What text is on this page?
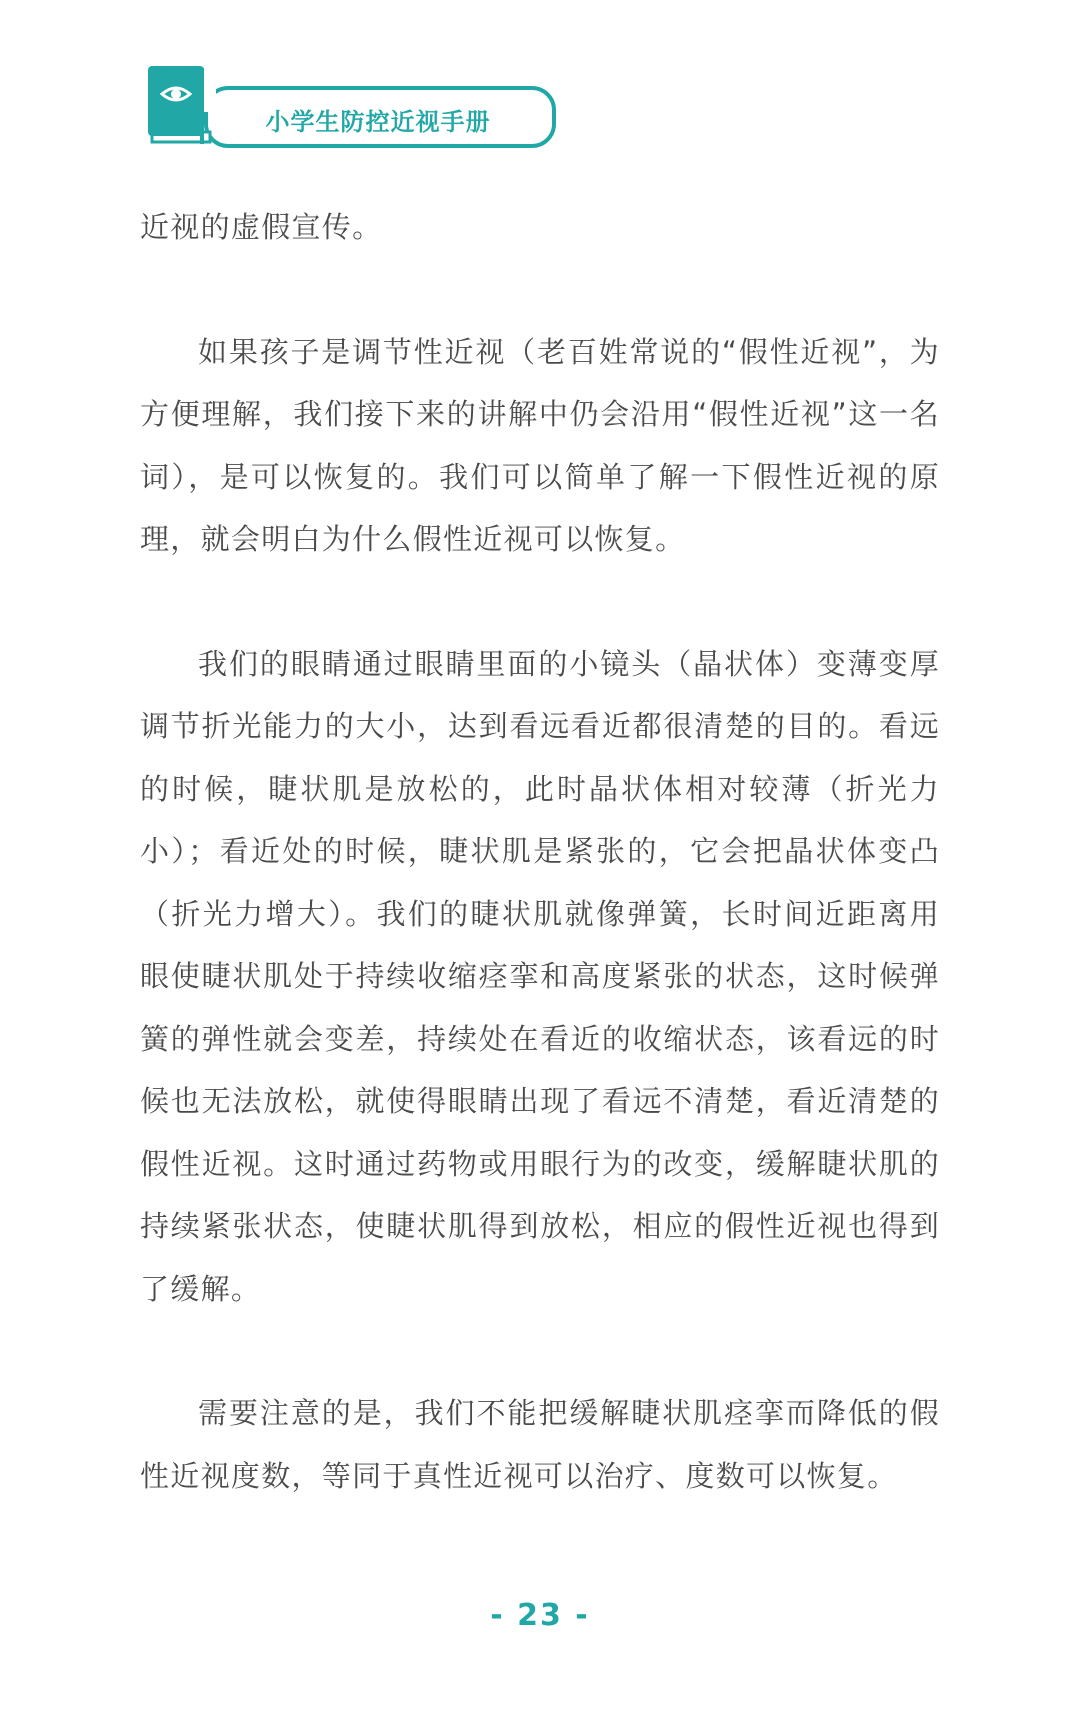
小学生防控近视手册

近视的虚假宣传。

如果孩子是调节性近视（老百姓常说的“假性近视”，为方便理解，我们接下来的讲解中仍会沿用“假性近视”这一名词），是可以恢复的。我们可以简单了解一下假性近视的原理，就会明白为什么假性近视可以恢复。

我们的眼睛通过眼睛里面的小镜头（晶状体）变薄变厚调节折光能力的大小，达到看远看近都很清楚的目的。看远的时候，睫状肌是放松的，此时晶状体相对较薄（折光力小）；看近处的时候，睫状肌是紧张的，它会把晶状体变凸（折光力增大）。我们的睫状肌就像弹簧，长时间近距离用眼使睫状肌处于持续收缩痉挛和高度紧张的状态，这时候弹簧的弹性就会变差，持续处在看近的收缩状态，该看远的时候也无法放松，就使得眼睛出现了看远不清楚，看近清楚的假性近视。这时通过药物或用眼行为的改变，缓解睫状肌的持续紧张状态，使睫状肌得到放松，相应的假性近视也得到了缓解。

需要注意的是，我们不能把缓解睫状肌痉挛而降低的假性近视度数，等同于真性近视可以治疗、度数可以恢复。

- 23 -
